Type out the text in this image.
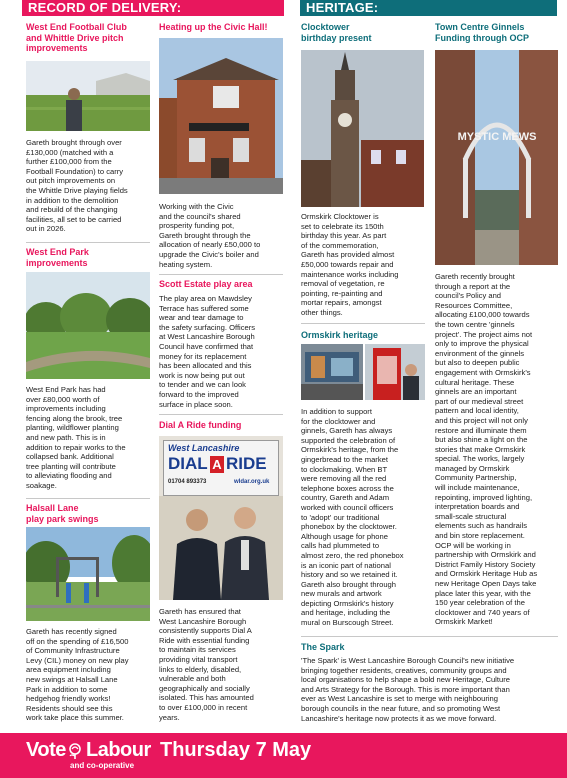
RECORD OF DELIVERY:	HERITAGE:
West End Football Club
and Whittle Drive pitch
improvements

Gareth brought through over

£130,000 (matched with a

further £100,000 from the

Football Foundation) to carry

out pitch improvements on

the Whittle Drive playing fields

in addition to the demolition

and rebuild of the changing

facilities, all set to be carried

out in 2026.

West End Park
improvements

West End Park has had

over £80,000 worth of

improvements including

fencing along the brook, tree

planting, wildflower planting

and new path. This is in

addition to repair works to the

collapsed bank. Additional

tree planting will contribute

to alleviating flooding and

soakage.

Halsall Lane
play park swings

Gareth has recently signed

off on the spending of £16,500

of Community Infrastructure

Levy (CIL) money on new play

area equipment including

new swings at Halsall Lane

Park in addition to some

hedgehog friendly works!

Residents should see this

work take place this summer.

Heating up the Civic Hall!

Working with the Civic

and the council's shared

prosperity funding pot,

Gareth brought through the

allocation of nearly £50,000 to

upgrade the Civic's boiler and

heating system.

Scott Estate play area

The play area on Mawdsley

Terrace has suffered some

wear and tear damage to

the safety surfacing. Officers

at West Lancashire Borough

Council have confirmed that

money for its replacement

has been allocated and this

work is now being put out

to tender and we can look

forward to the improved

surface in place soon.

Dial A Ride funding
West Lancashire
DIAL A RIDE
01704 893373	wldar.org.uk

Gareth has ensured that

West Lancashire Borough

consistently supports Dial A

Ride with essential funding

to maintain its services

providing vital transport

links to elderly, disabled,

vulnerable and both

geographically and socially

isolated. This has amounted

to over £100,000 in recent

years.

Clocktower
birthday present

Ormskirk Clocktower is

set to celebrate its 150th

birthday this year. As part

of the commemoration,

Gareth has provided almost

£50,000 towards repair and

maintenance works including

removal of vegetation, re

pointing, re-painting and

mortar repairs, amongst

other things.

Ormskirk heritage

In addition to support

for the clocktower and

ginnels, Gareth has always

supported the celebration of

Ormskirk's heritage, from the

gingerbread to the market

to clockmaking. When BT

were removing all the red

telephone boxes across the

country, Gareth and Adam

worked with council officers

to 'adopt' our traditional

phonebox by the clocktower.

Although usage for phone

calls had plummeted to

almost zero, the red phonebox

is an iconic part of national

history and so we retained it.

Gareth also brought through

new murals and artwork

depicting Ormskirk's history

and heritage, including the

mural on Burscough Street.

Town Centre Ginnels
Funding through OCP
MYSTIC MEWS

Gareth recently brought

through a report at the

council's Policy and

Resources Committee,

allocating £100,000 towards

the town centre 'ginnels

project'. The project aims not

only to improve the physical

environment of the ginnels

but also to deepen public

engagement with Ormskirk's

cultural heritage. These

ginnels are an important

part of our medieval street

pattern and local identity,

and this project will not only

restore and illuminate them

but also shine a light on the

stories that make Ormskirk

special. The works, largely

managed by Ormskirk

Community Partnership,

will include maintenance,

repointing, improved lighting,

interpretation boards and

small-scale structural

elements such as handrails

and bin store replacement.

OCP will be working in

partnership with Ormskirk and

District Family History Society

and Ormskirk Heritage Hub as

new Heritage Open Days take

place later this year, with the

150 year celebration of the

clocktower and 740 years of

Ormskirk Market!

The Spark

'The Spark' is West Lancashire Borough Council's new initiative

bringing together residents, creatives, community groups and

local organisations to help shape a bold new Heritage, Culture

and Arts Strategy for the Borough. This is more important than

ever as West Lancashire is set to merge with neighbouring

borough councils in the near future, and so promoting West

Lancashire's heritage now protects it as we move forward.

Vote Labour
and co-operative
Thursday 7 May
